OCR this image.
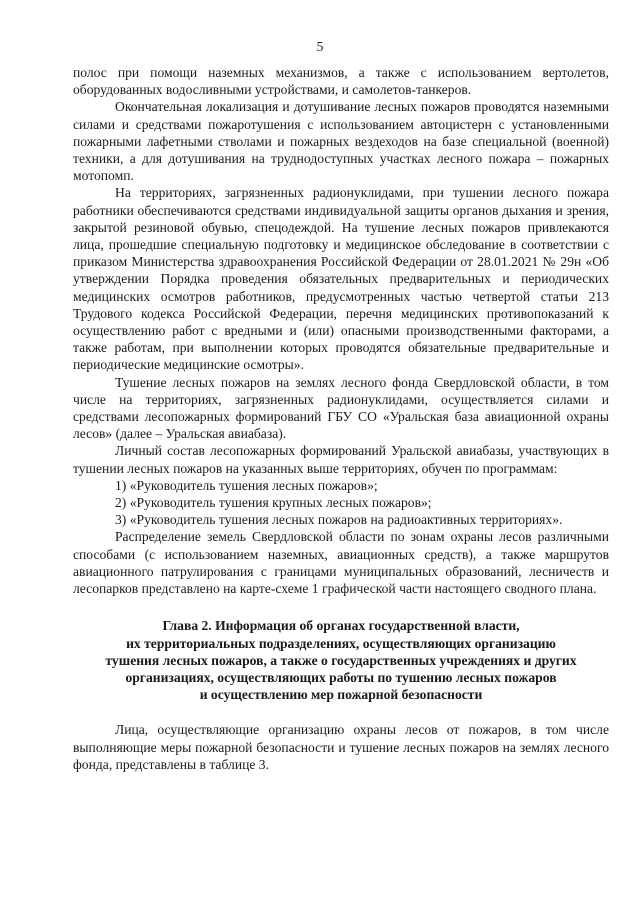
5

полос при помощи наземных механизмов, а также с использованием вертолетов, оборудованных водосливными устройствами, и самолетов-танкеров.

Окончательная локализация и дотушивание лесных пожаров проводятся наземными силами и средствами пожаротушения с использованием автоцистерн с установленными пожарными лафетными стволами и пожарных вездеходов на базе специальной (военной) техники, а для дотушивания на труднодоступных участках лесного пожара – пожарных мотопомп.

На территориях, загрязненных радионуклидами, при тушении лесного пожара работники обеспечиваются средствами индивидуальной защиты органов дыхания и зрения, закрытой резиновой обувью, спецодеждой. На тушение лесных пожаров привлекаются лица, прошедшие специальную подготовку и медицинское обследование в соответствии с приказом Министерства здравоохранения Российской Федерации от 28.01.2021 № 29н «Об утверждении Порядка проведения обязательных предварительных и периодических медицинских осмотров работников, предусмотренных частью четвертой статьи 213 Трудового кодекса Российской Федерации, перечня медицинских противопоказаний к осуществлению работ с вредными и (или) опасными производственными факторами, а также работам, при выполнении которых проводятся обязательные предварительные и периодические медицинские осмотры».

Тушение лесных пожаров на землях лесного фонда Свердловской области, в том числе на территориях, загрязненных радионуклидами, осуществляется силами и средствами лесопожарных формирований ГБУ СО «Уральская база авиационной охраны лесов» (далее – Уральская авиабаза).

Личный состав лесопожарных формирований Уральской авиабазы, участвующих в тушении лесных пожаров на указанных выше территориях, обучен по программам:

1) «Руководитель тушения лесных пожаров»;

2) «Руководитель тушения крупных лесных пожаров»;

3) «Руководитель тушения лесных пожаров на радиоактивных территориях».

Распределение земель Свердловской области по зонам охраны лесов различными способами (с использованием наземных, авиационных средств), а также маршрутов авиационного патрулирования с границами муниципальных образований, лесничеств и лесопарков представлено на карте-схеме 1 графической части настоящего сводного плана.

Глава 2. Информация об органах государственной власти,
их территориальных подразделениях, осуществляющих организацию
тушения лесных пожаров, а также о государственных учреждениях и других
организациях, осуществляющих работы по тушению лесных пожаров
и осуществлению мер пожарной безопасности

Лица, осуществляющие организацию охраны лесов от пожаров, в том числе выполняющие меры пожарной безопасности и тушение лесных пожаров на землях лесного фонда, представлены в таблице 3.
